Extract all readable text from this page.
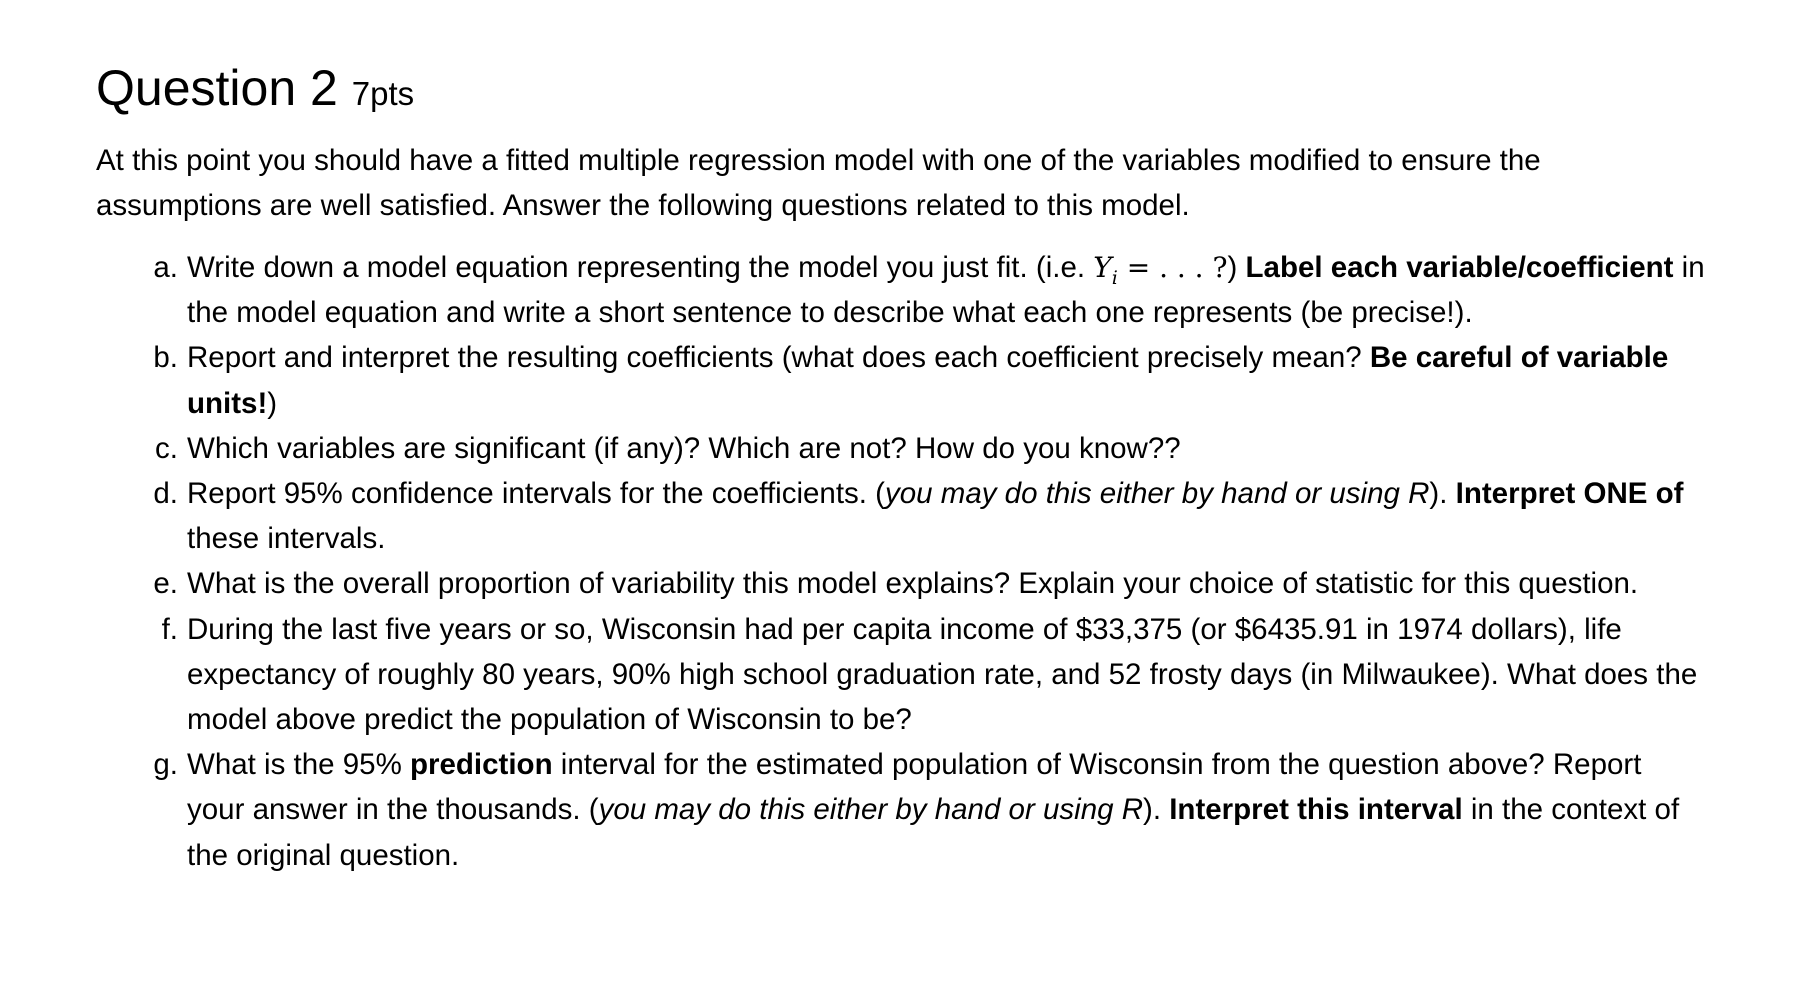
Question 2 7pts

At this point you should have a fitted multiple regression model with one of the variables modified to ensure the assumptions are well satisfied. Answer the following questions related to this model.

a. Write down a model equation representing the model you just fit. (i.e. $Y_i$ = . . . ?) Label each variable/coefficient in the model equation and write a short sentence to describe what each one represents (be precise!).
b. Report and interpret the resulting coefficients (what does each coefficient precisely mean? Be careful of variable units!)
c. Which variables are significant (if any)? Which are not? How do you know??
d. Report 95% confidence intervals for the coefficients. (you may do this either by hand or using R). Interpret ONE of these intervals.
e. What is the overall proportion of variability this model explains? Explain your choice of statistic for this question.
f. During the last five years or so, Wisconsin had per capita income of $33,375 (or $6435.91 in 1974 dollars), life expectancy of roughly 80 years, 90% high school graduation rate, and 52 frosty days (in Milwaukee). What does the model above predict the population of Wisconsin to be?
g. What is the 95% prediction interval for the estimated population of Wisconsin from the question above? Report your answer in the thousands. (you may do this either by hand or using R). Interpret this interval in the context of the original question.
